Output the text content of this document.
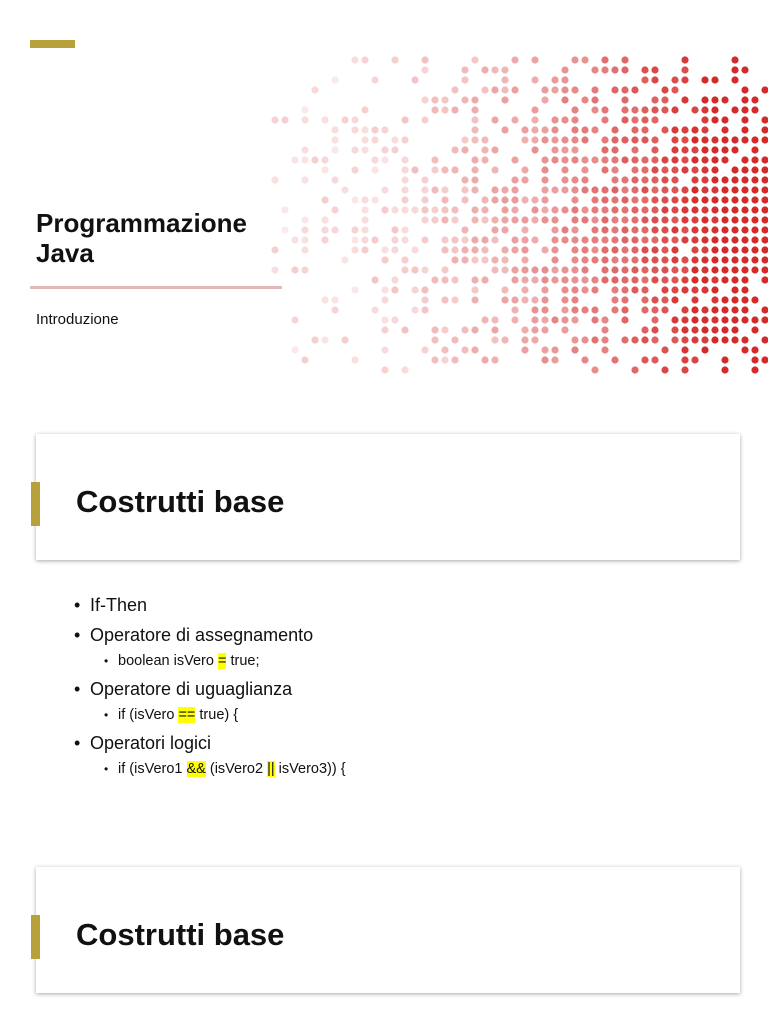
Programmazione Java
Introduzione
Costrutti base
• If-Then
• Operatore di assegnamento
• boolean isVero = true;
• Operatore di uguaglianza
• if (isVero == true) {
• Operatori logici
• if (isVero1 && (isVero2 || isVero3)) {
Costrutti base
